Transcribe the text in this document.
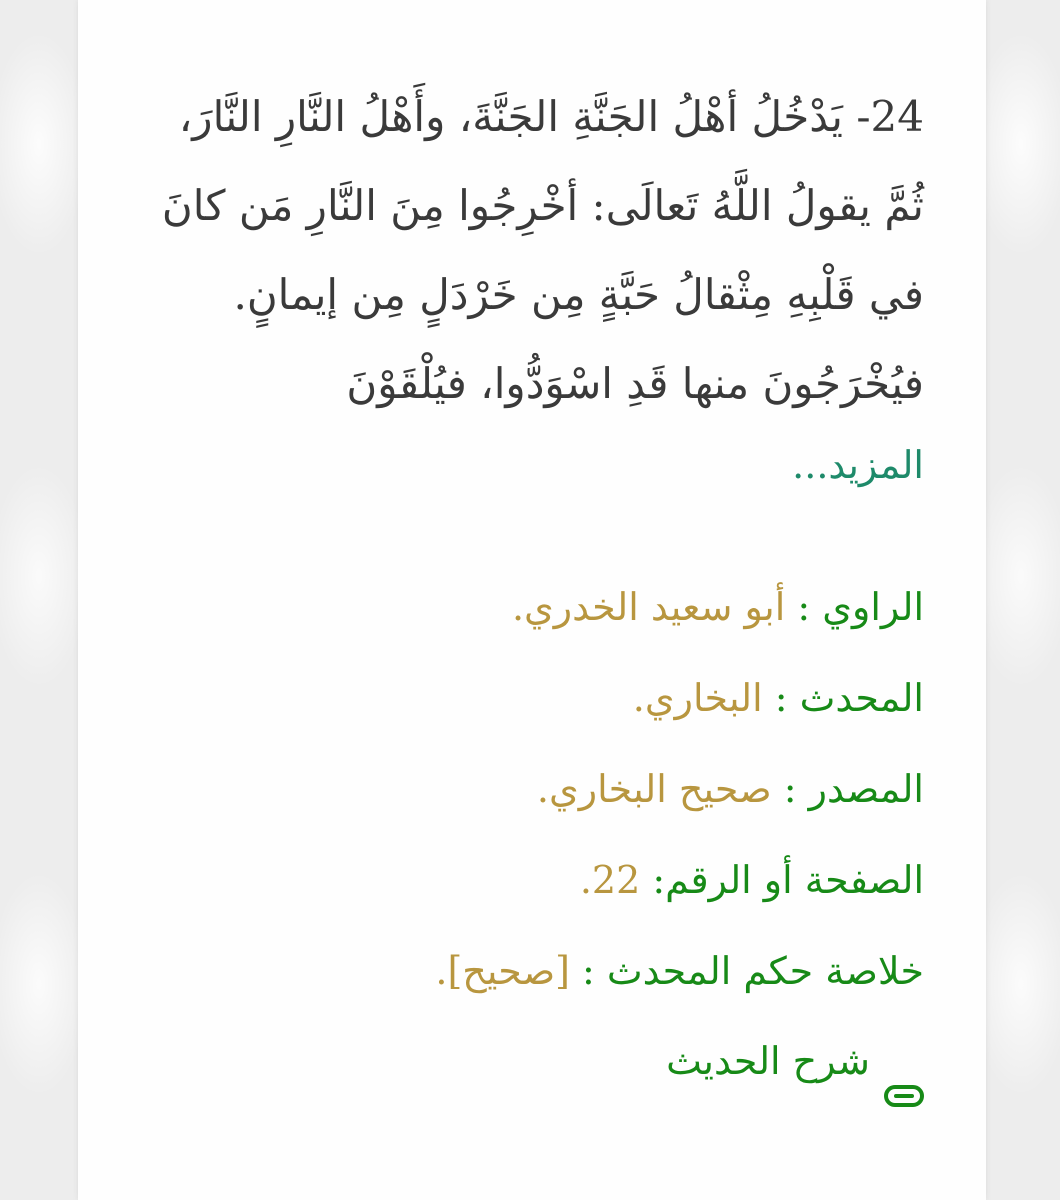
24- يَدْخُلُ أهْلُ الجَنَّةِ الجَنَّةَ، وأَهْلُ النَّارِ النَّارَ، ثُمَّ يقولُ اللَّهُ تَعالَى: أخْرِجُوا مِنَ النَّارِ مَن كانَ في قَلْبِهِ مِثْقالُ حَبَّةٍ مِن خَرْدَلٍ مِن إيمانٍ. فيُخْرَجُونَ منها قَدِ اسْوَدُّوا، فيُلْقَوْنَ

المزيد...
الراوي : أبو سعيد الخدري.
المحدث : البخاري.
المصدر : صحيح البخاري.
الصفحة أو الرقم: 22.
خلاصة حكم المحدث : [صحيح].
شرح الحديث
